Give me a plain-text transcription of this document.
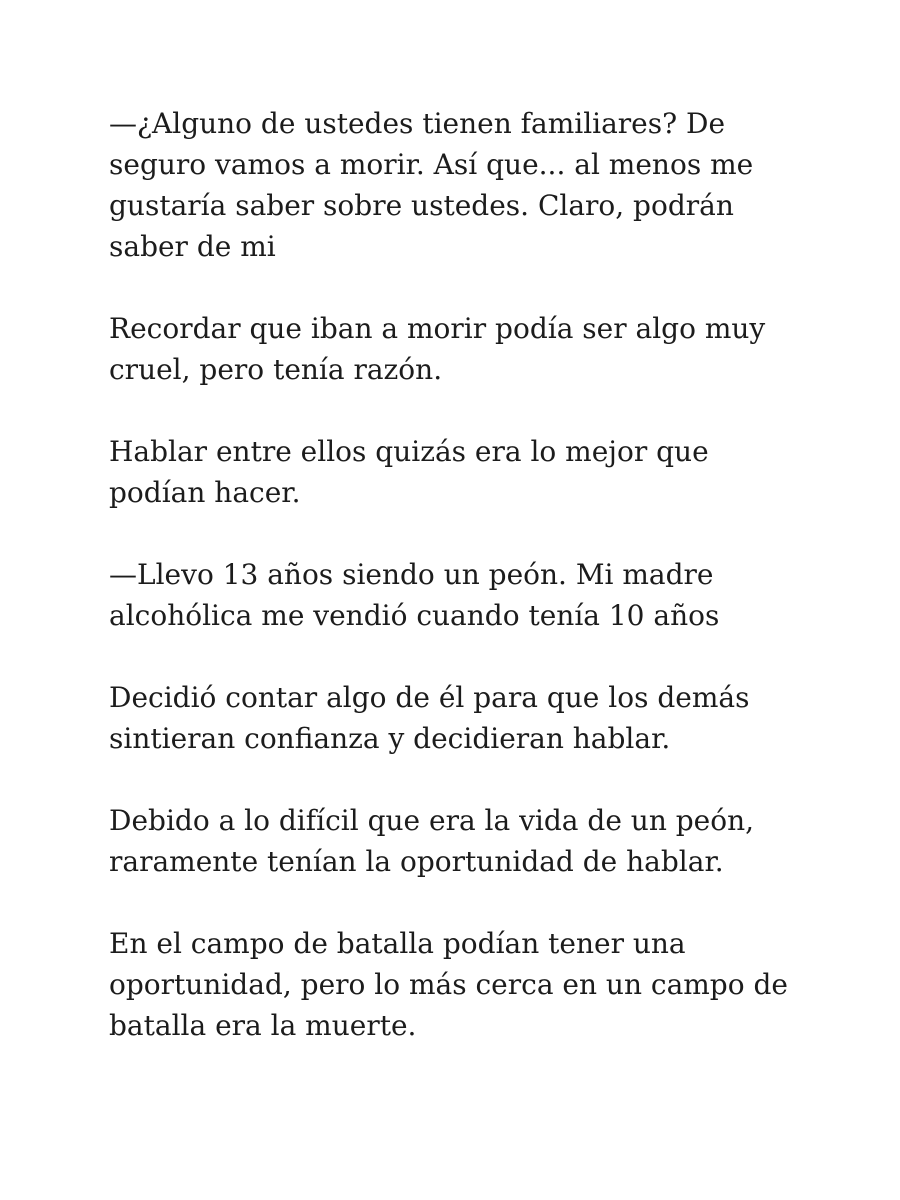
—¿Alguno de ustedes tienen familiares? De
seguro vamos a morir. Así que... al menos me
gustaría saber sobre ustedes. Claro, podrán
saber de mi

Recordar que iban a morir podía ser algo muy
cruel, pero tenía razón.

Hablar entre ellos quizás era lo mejor que
podían hacer.

—Llevo 13 años siendo un peón. Mi madre
alcohólica me vendió cuando tenía 10 años

Decidió contar algo de él para que los demás
sintieran confianza y decidieran hablar.

Debido a lo difícil que era la vida de un peón,
raramente tenían la oportunidad de hablar.

En el campo de batalla podían tener una
oportunidad, pero lo más cerca en un campo de
batalla era la muerte.
